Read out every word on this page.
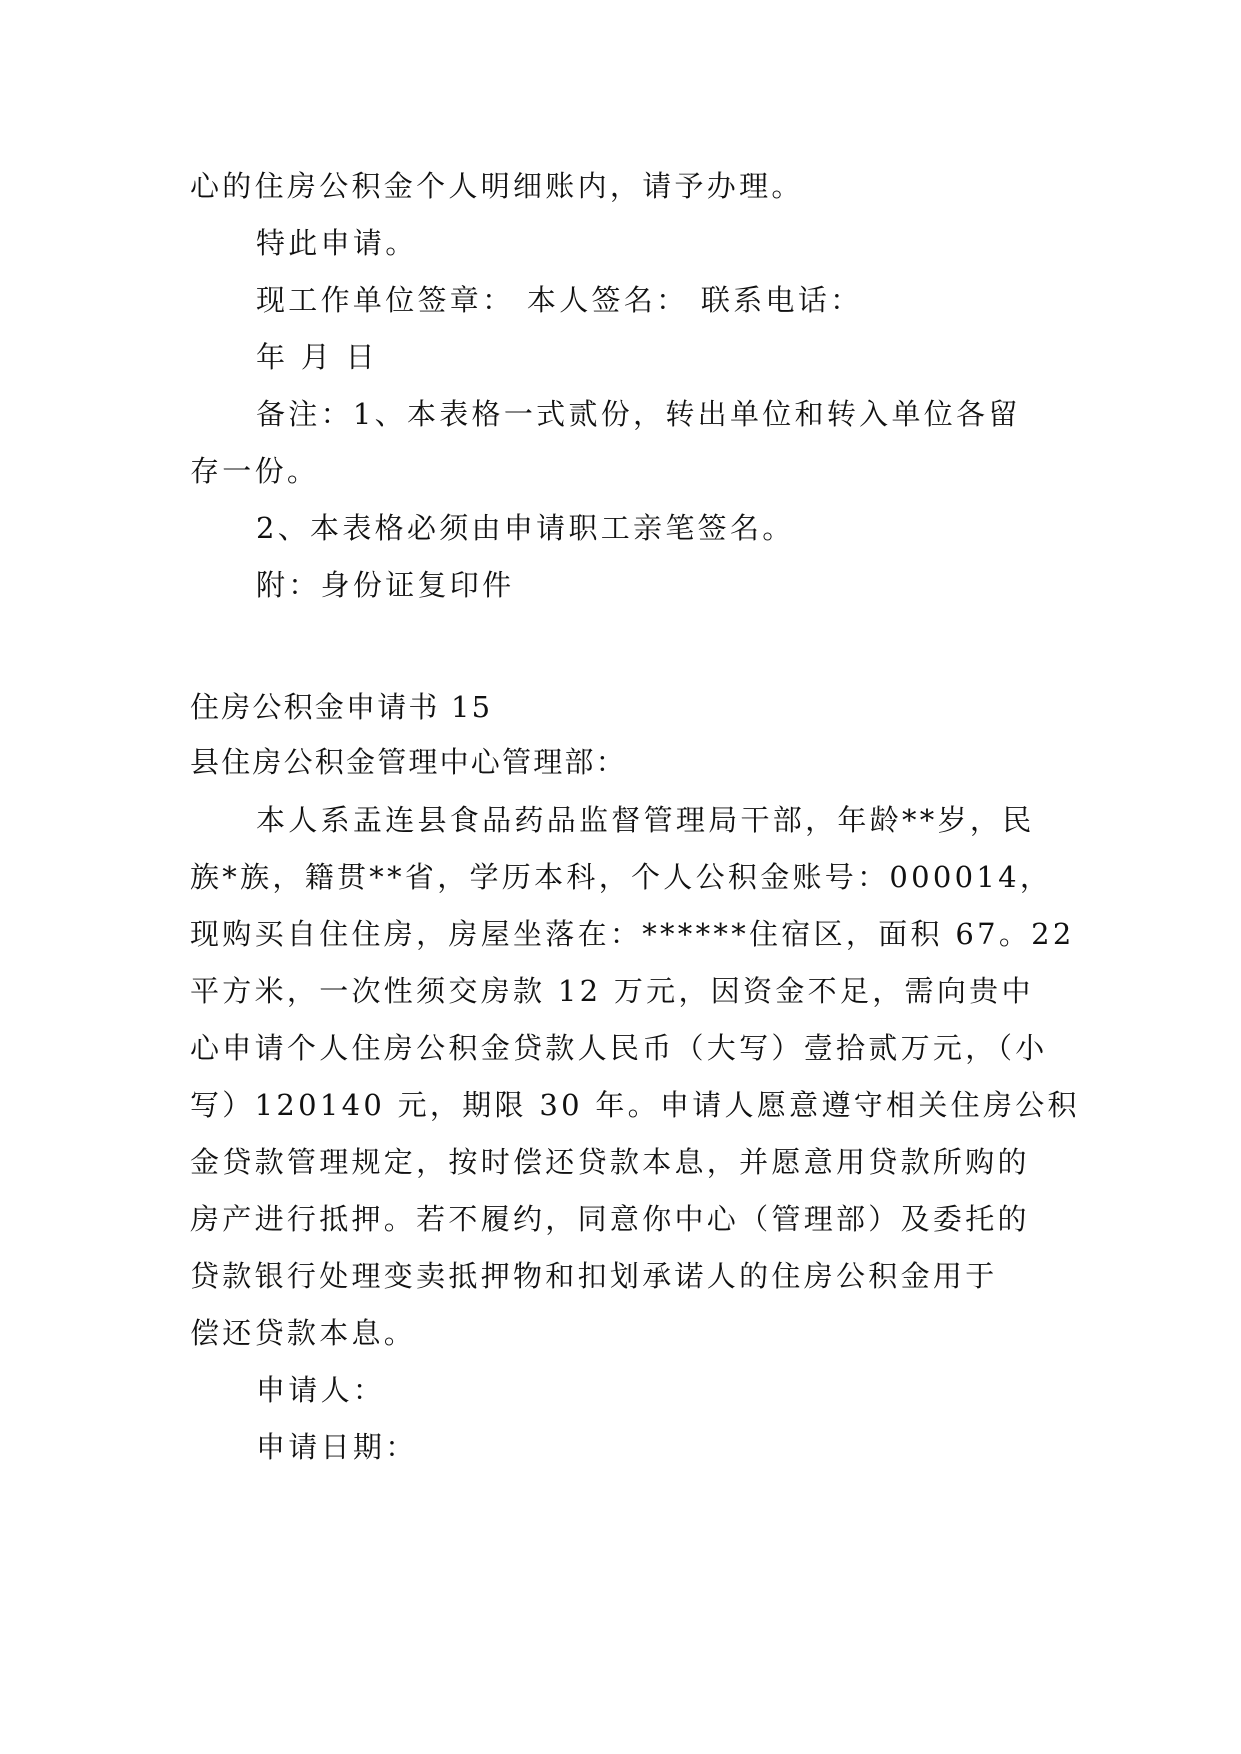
心的住房公积金个人明细账内，请予办理。
特此申请。
现工作单位签章： 本人签名： 联系电话：
年 月 日
备注：1、本表格一式贰份，转出单位和转入单位各留
存一份。
2、本表格必须由申请职工亲笔签名。
附：身份证复印件
住房公积金申请书 15
县住房公积金管理中心管理部：
本人系盂连县食品药品监督管理局干部，年龄**岁，民
族*族，籍贯**省，学历本科，个人公积金账号：000014，
现购买自住住房，房屋坐落在：******住宿区，面积 67。22
平方米，一次性须交房款 12 万元，因资金不足，需向贵中
心申请个人住房公积金贷款人民币（大写）壹拾贰万元，（小
写）120140 元，期限 30 年。申请人愿意遵守相关住房公积
金贷款管理规定，按时偿还贷款本息，并愿意用贷款所购的
房产进行抵押。若不履约，同意你中心（管理部）及委托的
贷款银行处理变卖抵押物和扣划承诺人的住房公积金用于
偿还贷款本息。
申请人：
申请日期：
